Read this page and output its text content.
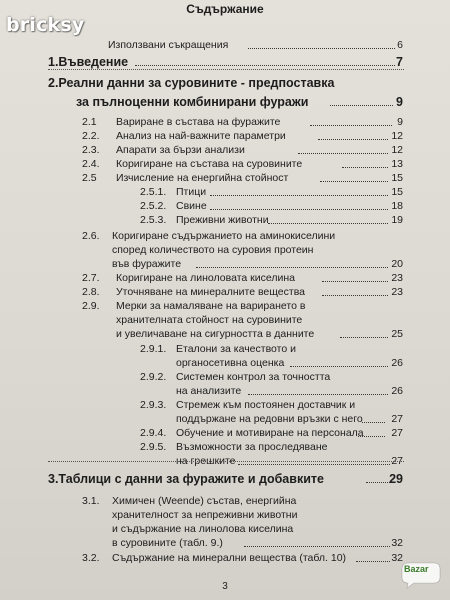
Съдържание
Използвани съкращения	6
1.Въведение	7
2.Реални данни за суровините - предпоставка
за пълноценни комбинирани фуражи	9
2.1 Вариране в състава на фуражите	9
2.2. Анализ на най-важните параметри	12
2.3. Апарати за бързи анализи	12
2.4. Коригиране на състава на суровините	13
2.5 Изчисление на енергийна стойност	15
2.5.1. Птици	15
2.5.2. Свине	18
2.5.3. Преживни животни	19
2.6. Коригиране съдържанието на аминокиселини
според количеството на суровия протеин
във фуражите	20
2.7. Коригиране на линоловата киселина	23
2.8. Уточняване на минералните вещества	23
2.9. Мерки за намаляване на варирането в
хранителната стойност на суровините
и увеличаване на сигурността в данните	25
2.9.1. Еталони за качеството и
органосетивна оценка	26
2.9.2. Системен контрол за точността
на анализите	26
2.9.3. Стремеж към постоянен доставчик и
поддържане на редовни връзки с него	27
2.9.4. Обучение и мотивиране на персонала	27
2.9.5. Възможности за проследяване
на грешките	27
3.Таблици с данни за фуражите и добавките	29
3.1. Химичен (Weende) състав, енергийна
хранителност за непреживни животни
и съдържание на линолова киселина
в суровините (табл. 9.)	32
3.2. Съдържание на минерални вещества (табл. 10)	32
3
Bazar
bricksy
